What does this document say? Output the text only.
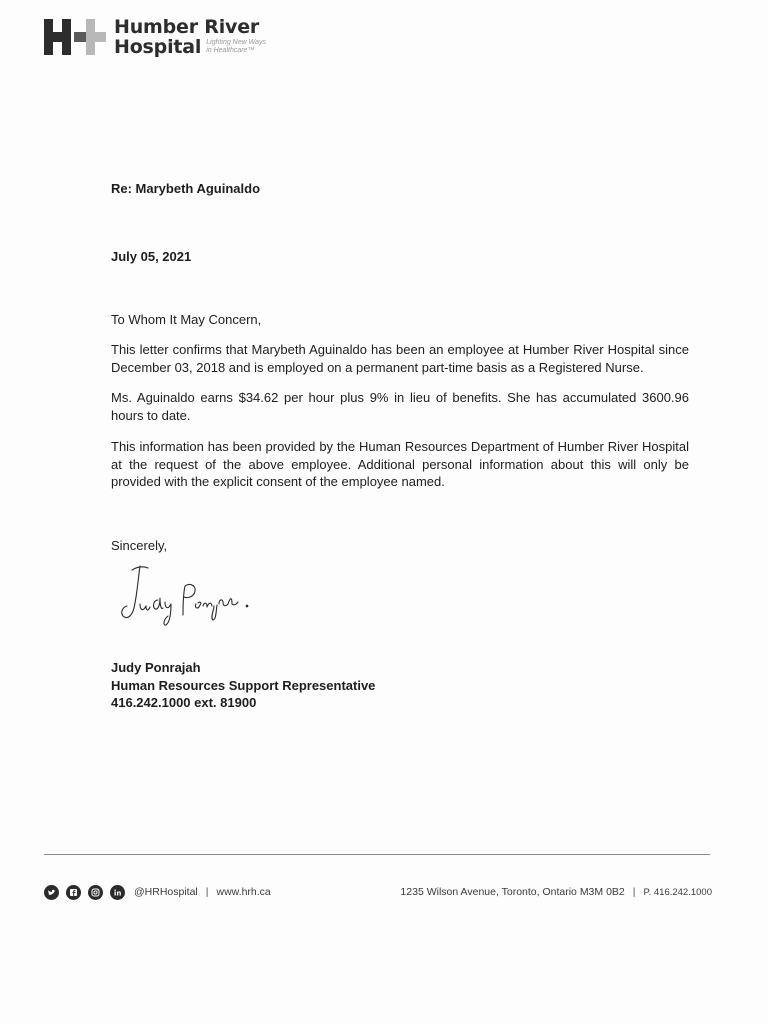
Humber River
Hospital Lighting New Ways
in Healthcare™
Re: Marybeth Aguinaldo
July 05, 2021
To Whom It May Concern,
This letter confirms that Marybeth Aguinaldo has been an employee at Humber River Hospital since December 03, 2018 and is employed on a permanent part-time basis as a Registered Nurse.
Ms. Aguinaldo earns $34.62 per hour plus 9% in lieu of benefits. She has accumulated 3600.96 hours to date.
This information has been provided by the Human Resources Department of Humber River Hospital at the request of the above employee. Additional personal information about this will only be provided with the explicit consent of the employee named.
Sincerely,
Judy Ponrajah
Human Resources Support Representative
416.242.1000 ext. 81900
@HRHospital | www.hrh.ca	1235 Wilson Avenue, Toronto, Ontario M3M 0B2 | P. 416.242.1000
